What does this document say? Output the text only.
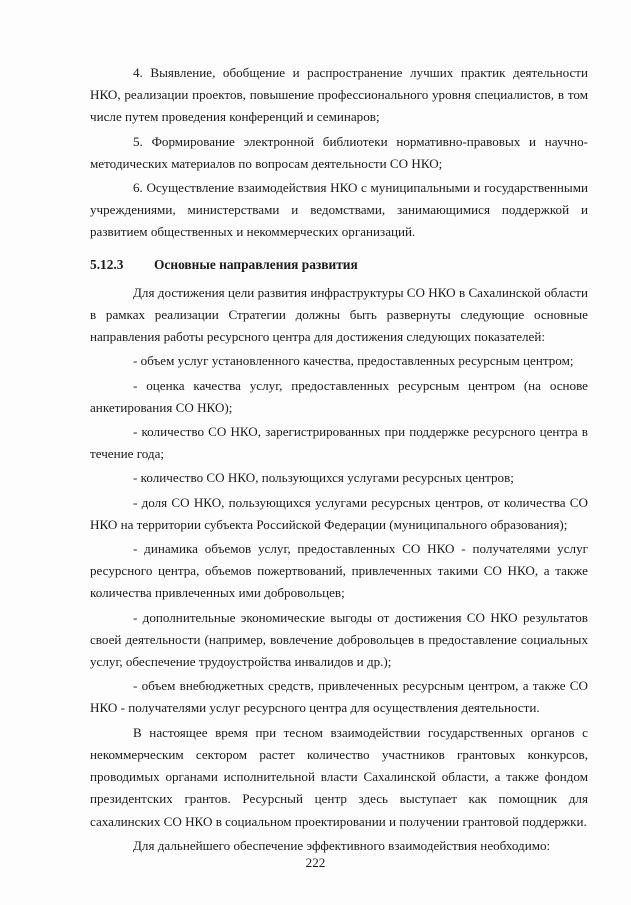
4. Выявление, обобщение и распространение лучших практик деятельности НКО, реализации проектов, повышение профессионального уровня специалистов, в том числе путем проведения конференций и семинаров;

5. Формирование электронной библиотеки нормативно-правовых и научно-методических материалов по вопросам деятельности СО НКО;

6. Осуществление взаимодействия НКО с муниципальными и государственными учреждениями, министерствами и ведомствами, занимающимися поддержкой и развитием общественных и некоммерческих организаций.

5.12.3	Основные направления развития

Для достижения цели развития инфраструктуры СО НКО в Сахалинской области в рамках реализации Стратегии должны быть развернуты следующие основные направления работы ресурсного центра для достижения следующих показателей:

- объем услуг установленного качества, предоставленных ресурсным центром;

- оценка качества услуг, предоставленных ресурсным центром (на основе анкетирования СО НКО);

- количество СО НКО, зарегистрированных при поддержке ресурсного центра в течение года;

- количество СО НКО, пользующихся услугами ресурсных центров;

- доля СО НКО, пользующихся услугами ресурсных центров, от количества СО НКО на территории субъекта Российской Федерации (муниципального образования);

- динамика объемов услуг, предоставленных СО НКО - получателями услуг ресурсного центра, объемов пожертвований, привлеченных такими СО НКО, а также количества привлеченных ими добровольцев;

- дополнительные экономические выгоды от достижения СО НКО результатов своей деятельности (например, вовлечение добровольцев в предоставление социальных услуг, обеспечение трудоустройства инвалидов и др.);

- объем внебюджетных средств, привлеченных ресурсным центром, а также СО НКО - получателями услуг ресурсного центра для осуществления деятельности.

В настоящее время при тесном взаимодействии государственных органов с некоммерческим сектором растет количество участников грантовых конкурсов, проводимых органами исполнительной власти Сахалинской области, а также фондом президентских грантов. Ресурсный центр здесь выступает как помощник для сахалинских СО НКО в социальном проектировании и получении грантовой поддержки.

Для дальнейшего обеспечение эффективного взаимодействия необходимо:

222
